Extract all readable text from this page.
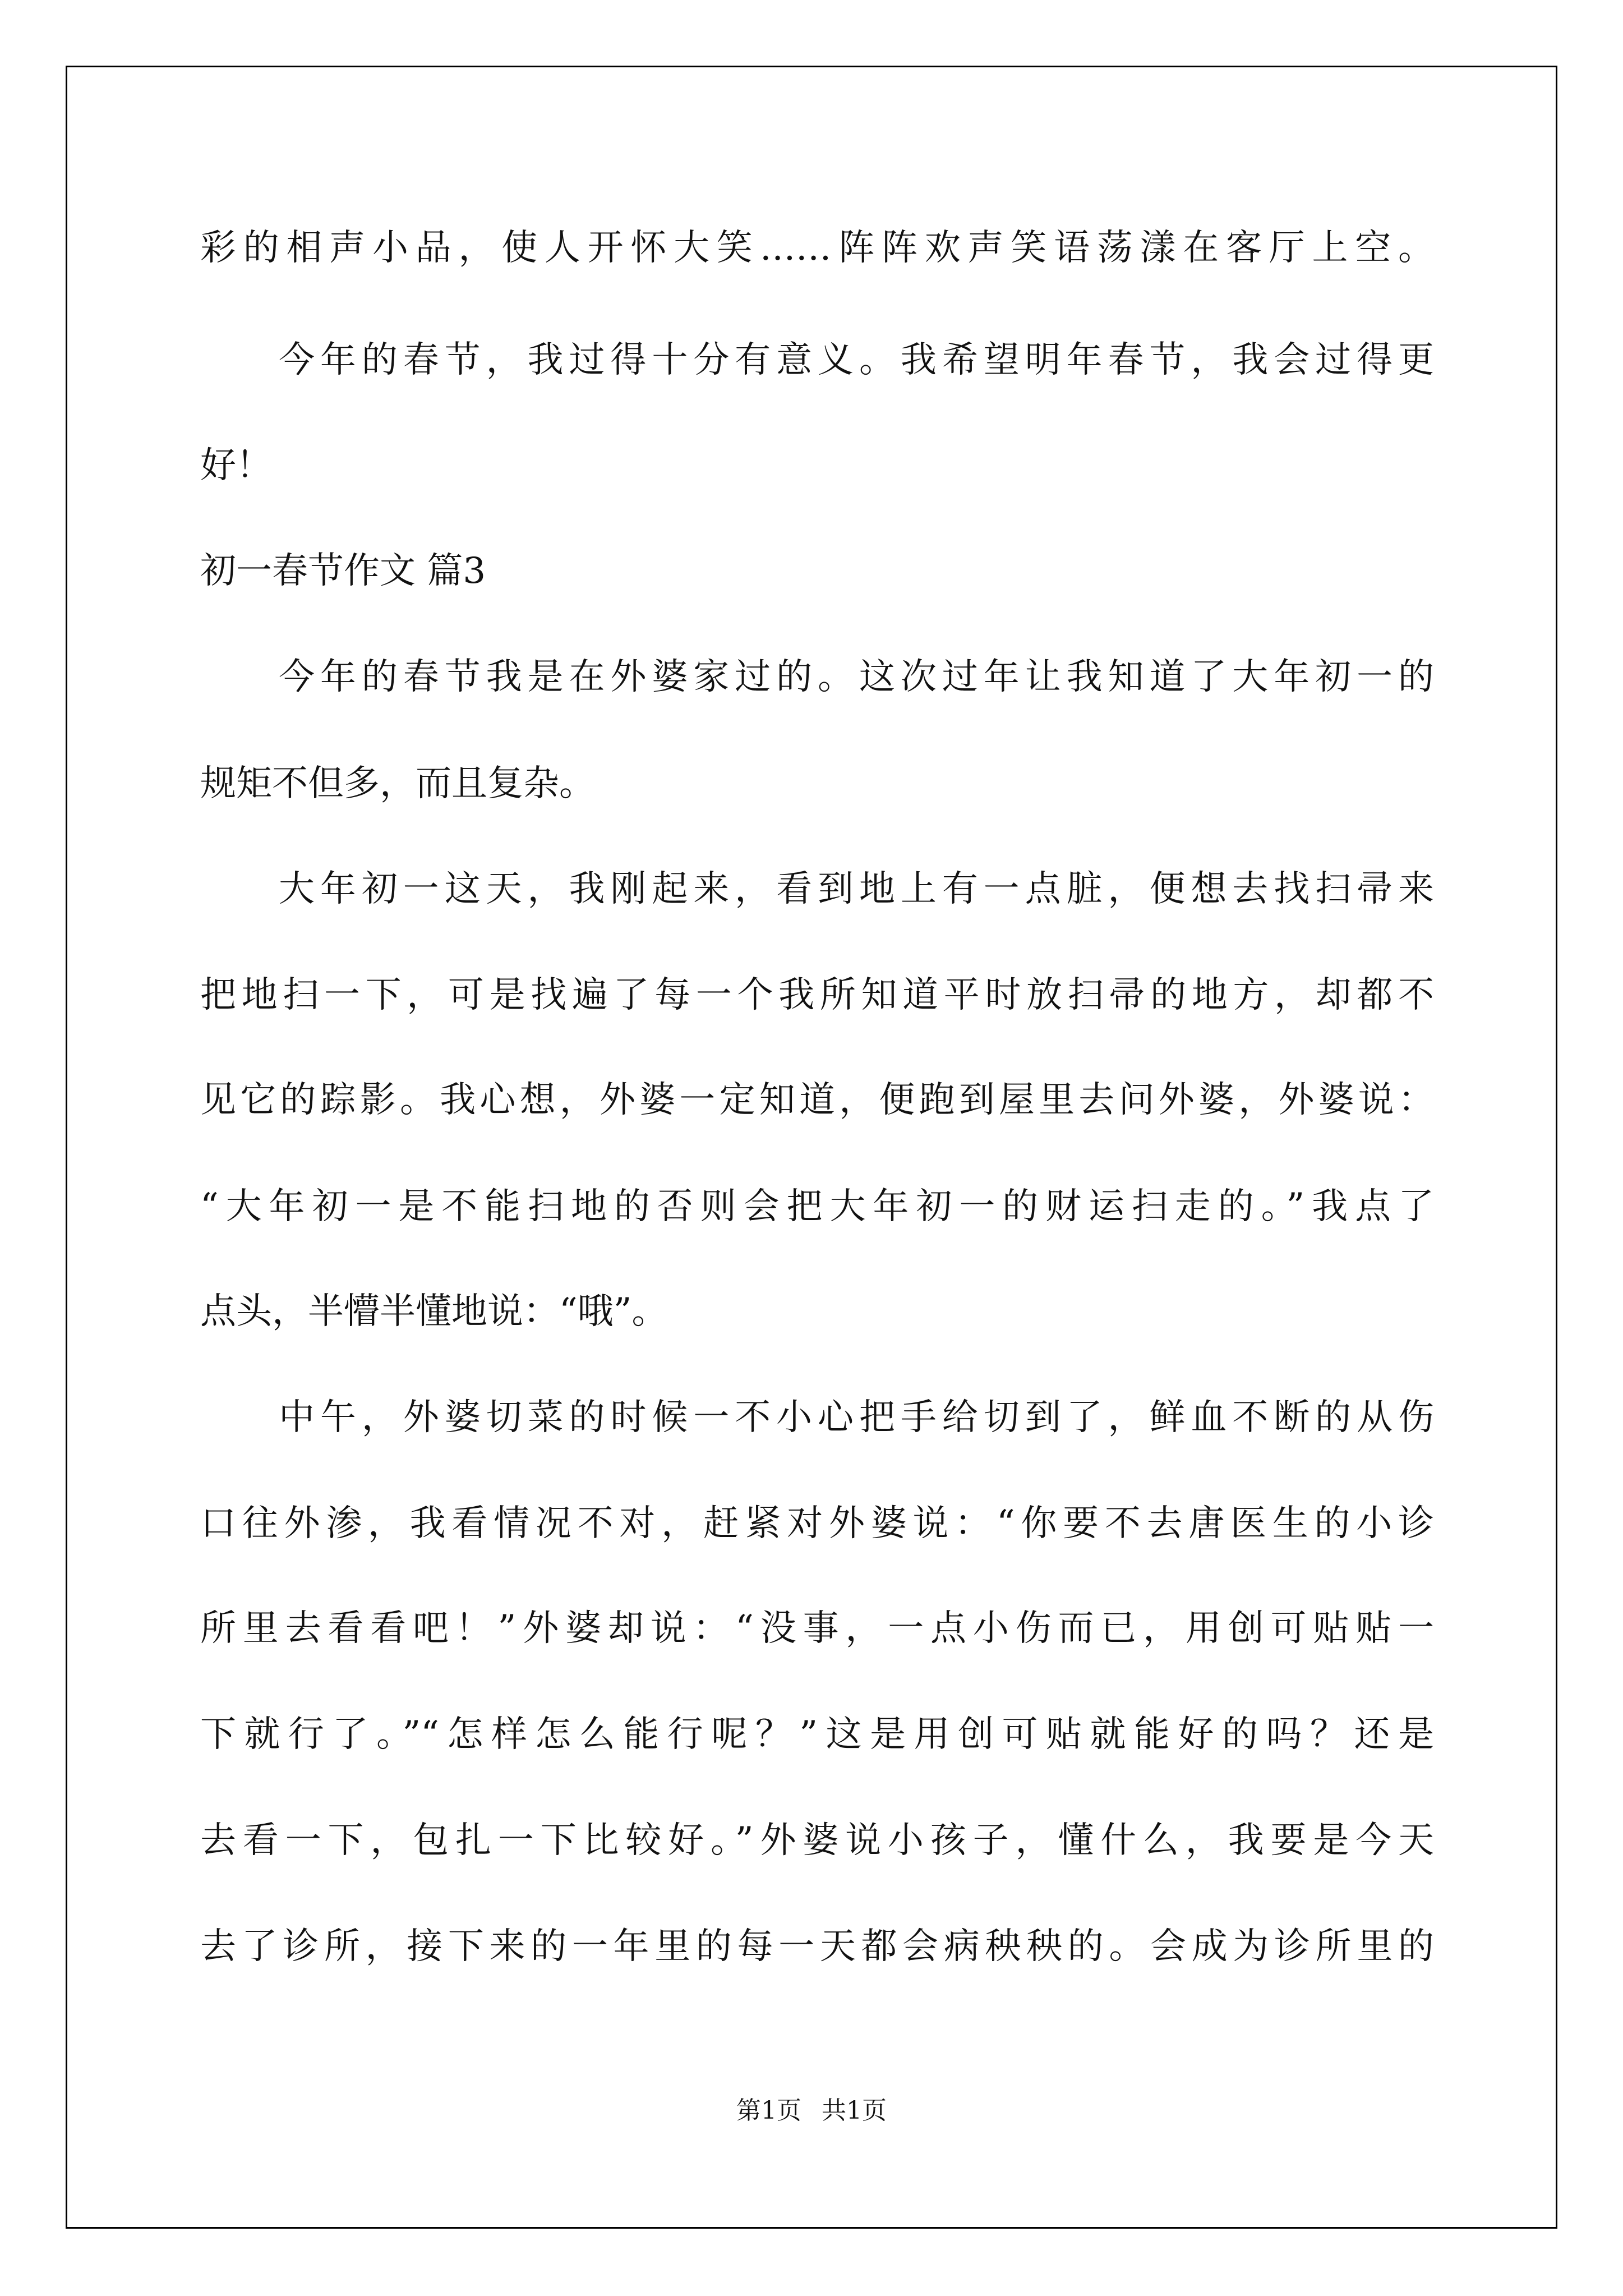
彩的相声小品，使人开怀大笑……阵阵欢声笑语荡漾在客厅上空。
今年的春节，我过得十分有意义。我希望明年春节，我会过得更
好！
初一春节作文 篇3
今年的春节我是在外婆家过的。这次过年让我知道了大年初一的
规矩不但多，而且复杂。
大年初一这天，我刚起来，看到地上有一点脏，便想去找扫帚来
把地扫一下，可是找遍了每一个我所知道平时放扫帚的地方，却都不
见它的踪影。我心想，外婆一定知道，便跑到屋里去问外婆，外婆说：
“大年初一是不能扫地的否则会把大年初一的财运扫走的。”我点了
点头，半懵半懂地说：“哦”。
中午，外婆切菜的时候一不小心把手给切到了，鲜血不断的从伤
口往外渗，我看情况不对，赶紧对外婆说：“你要不去唐医生的小诊
所里去看看吧！”外婆却说：“没事，一点小伤而已，用创可贴贴一
下就行了。”“怎样怎么能行呢？”这是用创可贴就能好的吗？还是
去看一下，包扎一下比较好。”外婆说小孩子，懂什么，我要是今天
去了诊所，接下来的一年里的每一天都会病秧秧的。会成为诊所里的
第1页 共1页
